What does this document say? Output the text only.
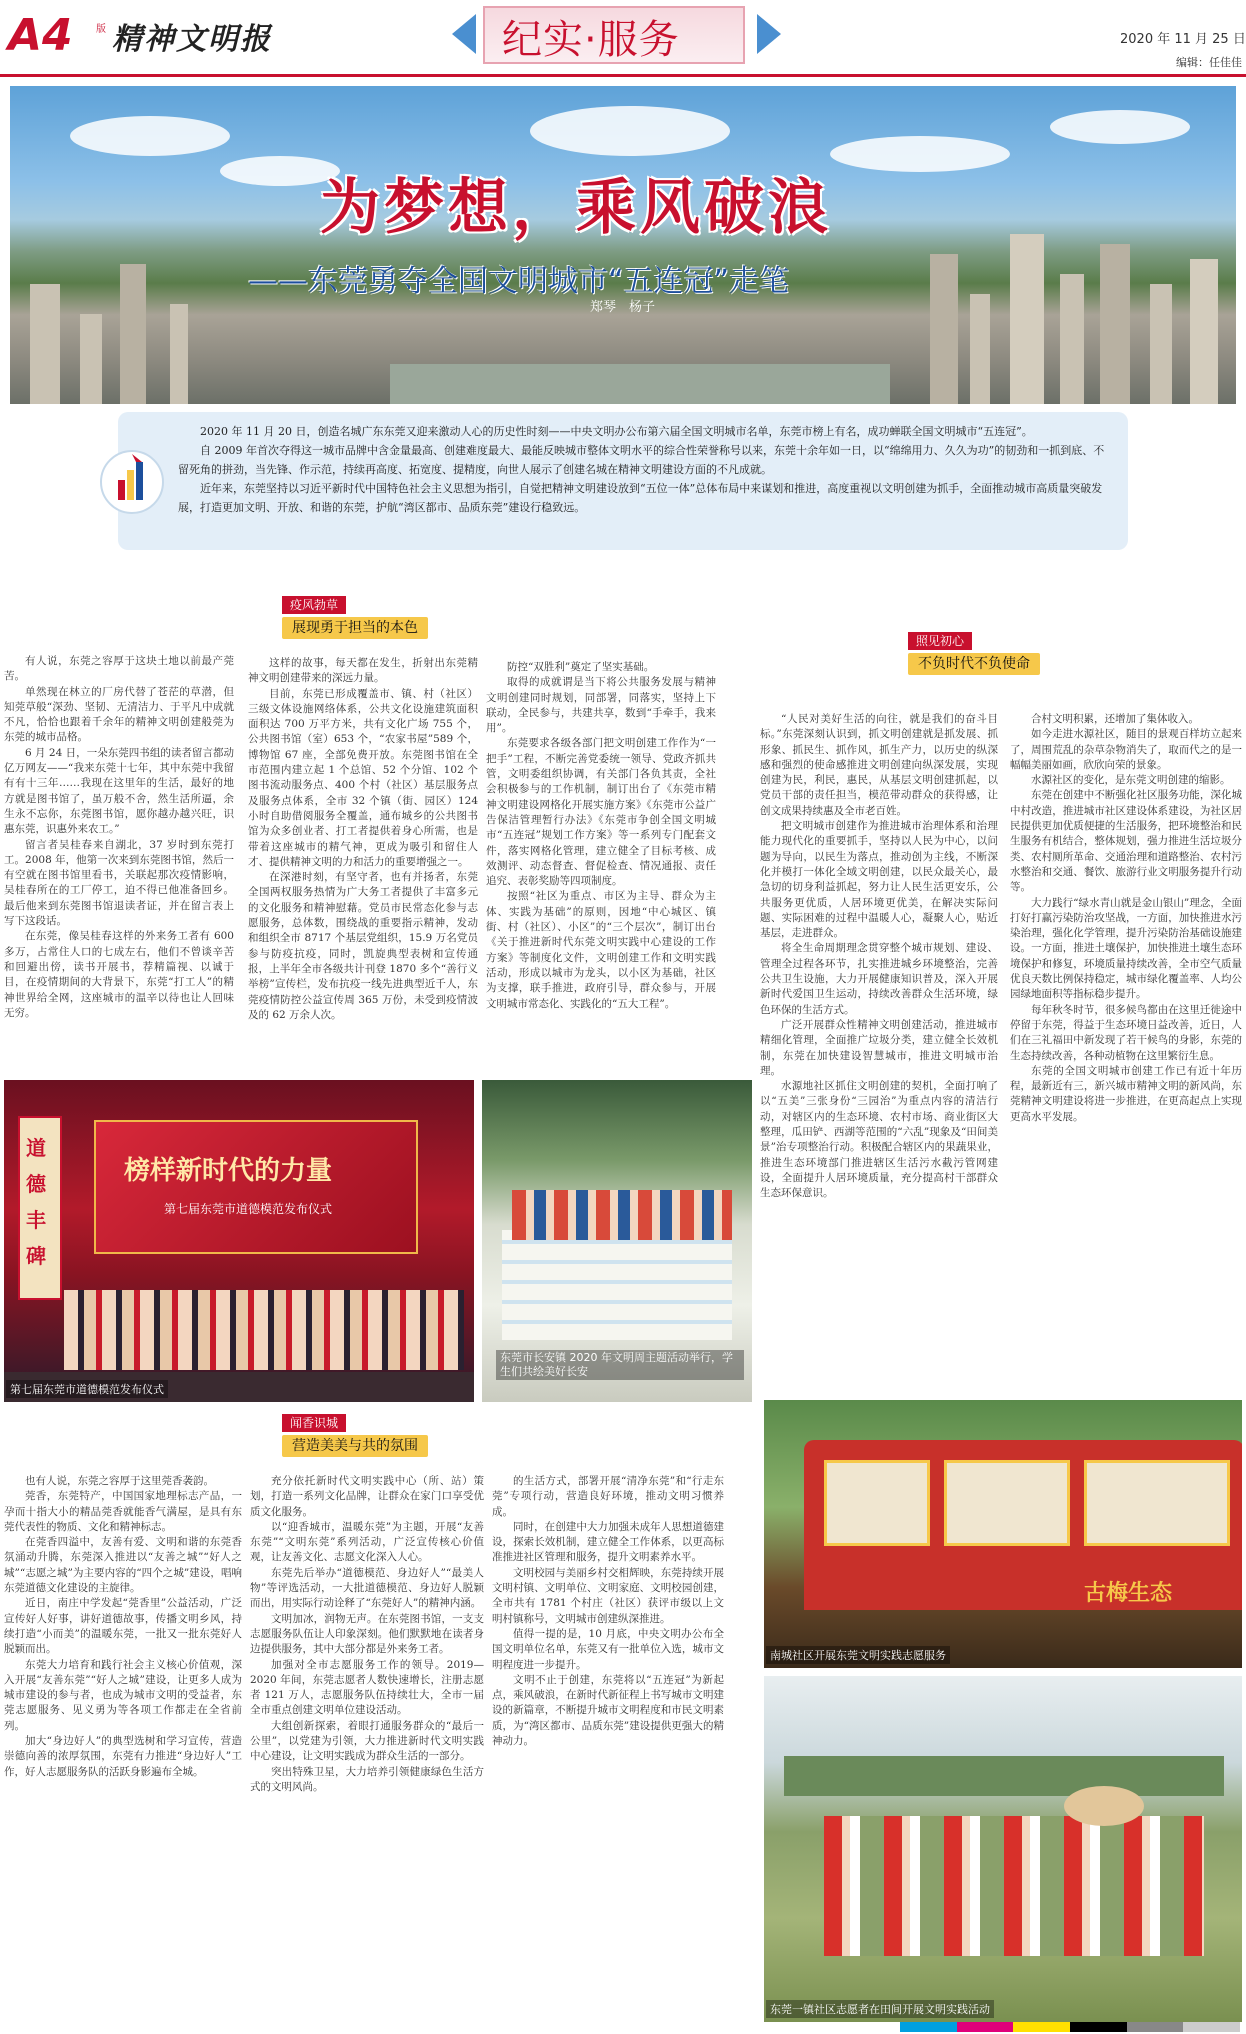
A4 版 精神文明报	纪实·服务	2020 年 11 月 25 日
编辑：任佳佳
为梦想，乘风破浪
——东莞勇夺全国文明城市“五连冠”走笔
郑琴　杨子

2020 年 11 月 20 日，创造名城广东东莞又迎来激动人心的历史性时刻——中央文明办公布第六届全国文明城市名单，东莞市榜上有名，成功蝉联全国文明城市“五连冠”。

自 2009 年首次夺得这一城市品牌中含金量最高、创建难度最大、最能反映城市整体文明水平的综合性荣誉称号以来，东莞十余年如一日，以“绵绵用力、久久为功”的韧劲和一抓到底、不留死角的拼劲，当先锋、作示范，持续再高度、拓宽度、提精度，向世人展示了创建名城在精神文明建设方面的不凡成就。

近年来，东莞坚持以习近平新时代中国特色社会主义思想为指引，自觉把精神文明建设放到“五位一体”总体布局中来谋划和推进，高度重视以文明创建为抓手，全面推动城市高质量突破发展，打造更加文明、开放、和谐的东莞，护航“湾区都市、品质东莞”建设行稳致远。

疫风勃草
展现勇于担当的本色
照见初心
不负时代不负使命

有人说，东莞之容厚于这块土地以前最产莞苦。

单然现在林立的厂房代替了苍茫的草潜，但知莞草般“深劲、坚韧、无清洁力、于平凡中成就不凡，恰恰也跟着千余年的精神文明创建般莞为东莞的城市品格。

6 月 24 日，一朵东莞四书组的读者留言都动亿万网友——“我来东莞十七年，其中东莞中我留有有十三年……我现在这里年的生活，最好的地方就是图书馆了，虽万般不舍，然生活所逼，余生永不忘你，东莞图书馆，愿你越办越兴旺，识惠东莞，识惠外来农工。”

留言者吴桂春来自湖北，37 岁时到东莞打工。2008 年，他第一次来到东莞图书馆，然后一有空就在图书馆里看书，关联起那次疫情影响，吴桂春所在的工厂停工，迫不得已他准备回乡。最后他来到东莞图书馆退读者证，并在留言表上写下这段话。

在东莞，像吴桂春这样的外来务工者有 600 多万，占常住人口的七成左右，他们不曾谈辛苦和回避出傍，读书开展书，荐精篇视、以诚于目，在疫情期间的大背景下，东莞“打工人”的精神世界给全网，这座城市的温辛以待也让人回味无穷。

这样的故事，每天都在发生，折射出东莞精神文明创建带来的深远力量。

目前，东莞已形成覆盖市、镇、村（社区）三级文体设施网络体系，公共文化设施建筑面积面积达 700 万平方米，共有文化广场 755 个，公共图书馆（室）653 个，“农家书屋”589 个，博物馆 67 座，全部免费开放。东莞图书馆在全市范围内建立起 1 个总馆、52 个分馆、102 个图书流动服务点、400 个村（社区）基层服务点及服务点体系，全市 32 个镇（街、园区）124 小时自助借阅服务全覆盖，通布城乡的公共图书馆为众多创业者、打工者提供着身心所需，也是带着这座城市的精气神，更成为吸引和留住人才、提供精神文明的力和活力的重要增强之一。

在深港时刻，有坚守者，也有并扬者，东莞全国两权服务热情为广大务工者提供了丰富多元的文化服务和精神慰藉。党员市民常态化参与志愿服务，总体数，围绕战的重要指示精神，发动和组织全市 8717 个基层党组织，15.9 万名党员参与防疫抗疫，同时，凯旋典型表树和宣传通报，上半年全市各级共计刊登 1870 多个“善行义举榜”宣传栏，发布抗疫一线先进典型近千人，东莞疫情防控公益宣传周 365 万份，未受到疫情波及的 62 万余人次。

防控“双胜利”奠定了坚实基础。

取得的成就谓是当下将公共服务发展与精神文明创建同时规划，同部署，同落实，坚持上下联动，全民参与，共建共享，数到“手牵手，我来用”。

东莞要求各级各部门把文明创建工作作为“一把手”工程，不断完善党委统一领导、党政齐抓共管，文明委组织协调，有关部门各负其责，全社会积极参与的工作机制，制订出台了《东莞市精神文明建设网格化开展实施方案》《东莞市公益广告保洁管理暂行办法》《东莞市争创全国文明城市“五连冠”规划工作方案》等一系列专门配套文件，落实网格化管理，建立健全了目标考核、成效测评、动态督查、督促检查、情况通报、责任追究、表彰奖励等四项制度。

按照“社区为重点、市区为主导、群众为主体、实践为基础”的原则，因地“中心城区、镇街、村（社区）、小区”的“三个层次”，制订出台《关于推进新时代东莞文明实践中心建设的工作方案》等制度化文件，文明创建工作和文明实践活动，形成以城市为龙头，以小区为基础，社区为支撑，联手推进，政府引导，群众参与，开展文明城市常态化、实践化的“五大工程”。

“人民对美好生活的向往，就是我们的奋斗目标。”东莞深刻认识到，抓文明创建就是抓发展、抓形象、抓民生、抓作风，抓生产力，以历史的纵深感和强烈的使命感推进文明创建向纵深发展，实现创建为民，利民，惠民，从基层文明创建抓起，以党员干部的责任担当，模范带动群众的获得感，让创文成果持续惠及全市老百姓。

把文明城市创建作为推进城市治理体系和治理能力现代化的重要抓手，坚持以人民为中心，以问题为导向，以民生为落点，推动创为主线，不断深化并模打一体化全域文明创建，以民众最关心，最急切的切身利益抓起，努力让人民生活更安乐，公共服务更优质，人居环境更优美，在解决实际问题、实际困难的过程中温暖人心，凝聚人心，贴近基层，走进群众。

将全生命周期理念贯穿整个城市规划、建设、管理全过程各环节，扎实推进城乡环境整治，完善公共卫生设施，大力开展健康知识普及，深入开展新时代爱国卫生运动，持续改善群众生活环境，绿色环保的生活方式。

广泛开展群众性精神文明创建活动，推进城市精细化管理，全面推广垃圾分类，建立健全长效机制，东莞在加快建设智慧城市，推进文明城市治理。

水源地社区抓住文明创建的契机，全面打响了以“五美”三张身份“三园治”为重点内容的清洁行动，对辖区内的生态环境、农村市场、商业街区大整理，瓜田铲、西湖等范围的“六乱”现象及“田间美景”治专项整治行动。积极配合辖区内的果蔬果业，推进生态环境部门推进辖区生活污水截污管网建设，全面提升人居环境质量，充分提高村干部群众生态环保意识。

合村文明积累，还增加了集体收入。

如今走进水源社区，随目的景观百样坊立起来了，周围荒乱的杂草杂物消失了，取而代之的是一幅幅美丽如画，欣欣向荣的景象。

水源社区的变化，是东莞文明创建的缩影。

东莞在创建中不断强化社区服务功能，深化城中村改造，推进城市社区建设体系建设，为社区居民提供更加优质便捷的生活服务，把环境整治和民生服务有机结合，整体规划，强力推进生活垃圾分类、农村厕所革命、交通治理和道路整治、农村污水整治和交通、餐饮、旅游行业文明服务提升行动等。

大力践行“绿水青山就是金山银山”理念，全面打好打赢污染防治攻坚战，一方面，加快推进水污染治理，强化化学管理，提升污染防治基础设施建设。一方面，推进土壤保护，加快推进土壤生态环境保护和修复，环境质量持续改善，全市空气质量优良天数比例保持稳定，城市绿化覆盖率、人均公园绿地面积等指标稳步提升。

每年秋冬时节，很多候鸟都由在这里迁徙途中停留于东莞，得益于生态环境日益改善，近日，人们在三礼福田中新发现了若干候鸟的身影，东莞的生态持续改善，各种动植物在这里繁衍生息。

东莞的全国文明城市创建工作已有近十年历程，最新近有三，新兴城市精神文明的新风尚，东莞精神文明建设将进一步推进，在更高起点上实现更高水平发展。

榜样新时代的力量
第七届东莞市道德模范发布仪式
道德丰碑
第七届东莞市道德模范发布仪式
东莞市长安镇 2020 年文明周主题活动举行，学生们共绘美好长安
闻香识城
营造美美与共的氛围

也有人说，东莞之容厚于这里莞香袭韵。

莞香，东莞特产，中国国家地理标志产品，一孕而十指大小的精品莞香就能香气满屋，是具有东莞代表性的物质、文化和精神标志。

在莞香四溢中，友善有爱、文明和谐的东莞香氛涌动升腾，东莞深入推进以“友善之城”“好人之城”“志愿之城”为主要内容的“四个之城”建设，唱响东莞道德文化建设的主旋律。

近日，南庄中学发起“莞香里”公益活动，广泛宣传好人好事，讲好道德故事，传播文明乡风，持续打造“小而美”的温暖东莞，一批又一批东莞好人脱颖而出。

东莞大力培育和践行社会主义核心价值观，深入开展“友善东莞”“好人之城”建设，让更多人成为城市建设的参与者，也成为城市文明的受益者，东莞志愿服务、见义勇为等各项工作都走在全省前列。

加大“身边好人”的典型选树和学习宣传，营造崇德向善的浓厚氛围，东莞有力推进“身边好人”工作，好人志愿服务队的活跃身影遍布全城。

充分依托新时代文明实践中心（所、站）策划，打造一系列文化品牌，让群众在家门口享受优质文化服务。

以“迎香城市，温暖东莞”为主题，开展“友善东莞”“文明东莞”系列活动，广泛宣传核心价值观，让友善文化、志愿文化深入人心。

东莞先后举办“道德模范、身边好人”“最美人物”等评选活动，一大批道德模范、身边好人脱颖而出，用实际行动诠释了“东莞好人”的精神内涵。

文明加冰，润物无声。在东莞图书馆，一支支志愿服务队伍让人印象深刻。他们默默地在读者身边提供服务，其中大部分都是外来务工者。

加强对全市志愿服务工作的领导。2019—2020 年间，东莞志愿者人数快速增长，注册志愿者 121 万人，志愿服务队伍持续壮大，全市一届全市重点创建文明单位建设活动。

大组创新探索，着眼打通服务群众的“最后一公里”，以党建为引领，大力推进新时代文明实践中心建设，让文明实践成为群众生活的一部分。

突出特殊卫星，大力培养引领健康绿色生活方式的文明风尚。

的生活方式，部署开展“清净东莞”和“行走东莞”专项行动，营造良好环境，推动文明习惯养成。

同时，在创建中大力加强未成年人思想道德建设，探索长效机制，建立健全工作体系，以更高标准推进社区管理和服务，提升文明素养水平。

文明校园与美丽乡村交相辉映，东莞持续开展文明村镇、文明单位、文明家庭、文明校园创建，全市共有 1781 个村庄（社区）获评市级以上文明村镇称号，文明城市创建纵深推进。

值得一提的是，10 月底，中央文明办公布全国文明单位名单，东莞又有一批单位入选，城市文明程度进一步提升。

文明不止于创建，东莞将以“五连冠”为新起点，乘风破浪，在新时代新征程上书写城市文明建设的新篇章，不断提升城市文明程度和市民文明素质，为“湾区都市、品质东莞”建设提供更强大的精神动力。

古梅生态
南城社区开展东莞文明实践志愿服务
东莞一镇社区志愿者在田间开展文明实践活动
